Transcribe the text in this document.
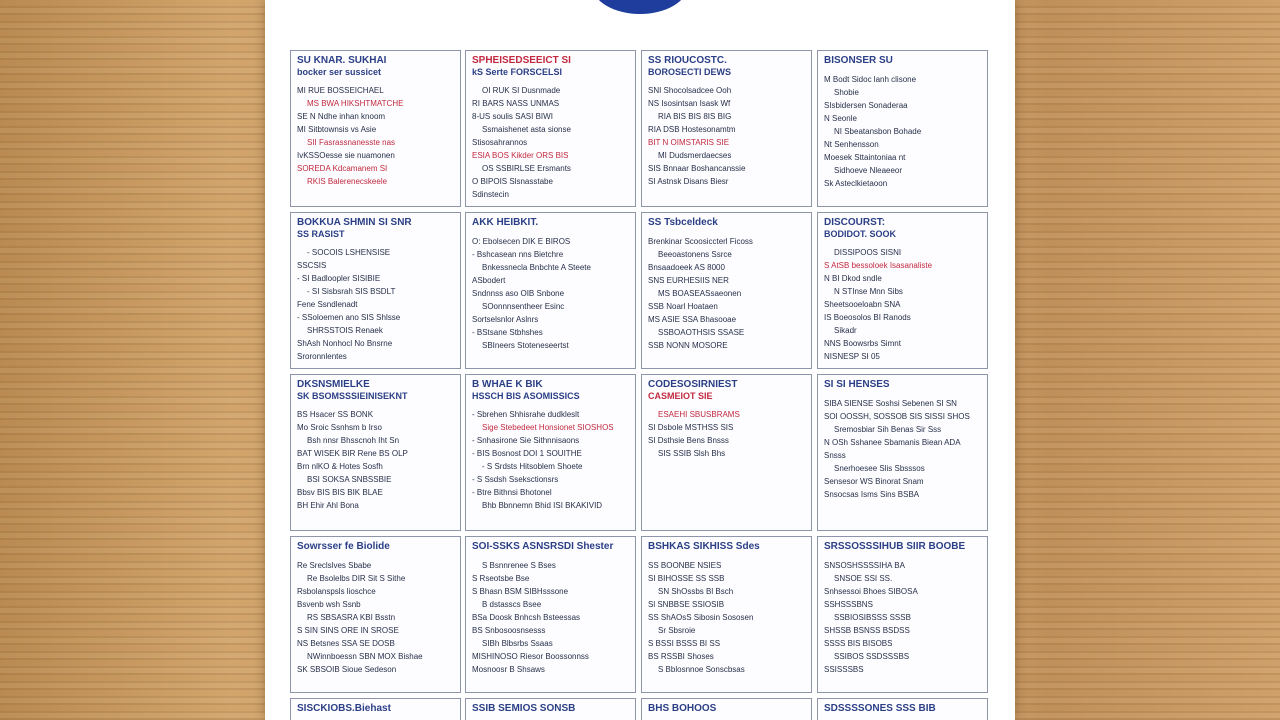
SU KNAR. SUKHAI
bocker ser sussicet
MI RUE BOSSEICHAEL
MS BWA HIKSHTMATCHE
SE N Ndhe inhan knoom
MI Sitbtownsis vs Asie
SII Fasrassnanesste nas
IvKSSOesse sie nuamonen
SOREDA Kdcamanem SI
RKIS Balerenecskeele
SPHEISEDSEEICT SI
kS Serte FORSCELSI
OI RUK SI Dusnmade
RI BARS NASS UNMAS
8-US soulis SASI BIWI
Ssmaishenet asta sionse
Stisosahrannos
ESIA BOS Kikder ORS BIS
OS SSBIRLSE Ersmants
O BIPOIS Slsnasstabe
Sdinstecin
SS RIOUCOSTC.
BOROSECTI DEWS
SNI Shocolsadcee Ooh
NS Isosintsan Isask Wf
RIA BIS BIS 8IS BIG
RIA DSB Hostesonamtm
BIT N OIMSTARIS SIE
MI Dudsmerdaecses
SIS Bnnaar Boshancanssie
SI Astnsk Disans Biesr
BISONSER SU
M Bodt Sidoc lanh clisone
Shobie
SIsbidersen Sonaderaa
N Seonle
NI Sbeatansbon Bohade
Nt Senhensson
Moesek Sttaintoniaa nt
Sidhoeve Nleaeeor
Sk Asteclkietaoon
BOKKUA SHMIN SI SNR
SS RASIST
- SOCOIS LSHENSISE
SSCSIS
- SI Badloopler SISIBIE
- SI Sisbsrah SIS BSDLT
Fene Ssndlenadt
- SSoloemen ano SIS Shlsse
SHRSSTOIS Renaek
ShAsh Nonhocl No Bnsrne
Sroronnlentes
AKK HEIBKIT.
O: Ebolsecen DIK E BIROS
- Bshcasean nns Bietchre
Bnkessnecla Bnbchte A Steete
ASbodert
Sndnnss aso OIB Snbone
SOonnnsentheer Esinc
Sortselsnlor Aslnrs
- BStsane Stbhshes
SBIneers Stoteneseertst
SS Tsbceldeck
Brenkinar Scoosiccterl Ficoss
Beeoastonens Ssrce
Bnsaadoeek AS 8000
SNS EURHESIIS NER
MS BOASEASsaeonen
SSB Noarl Hoataen
MS ASIE SSA Bhasooae
SSBOAOTHSIS SSASE
SSB NONN MOSORE
DISCOURST:
BODIDOT. SOOK
DISSIPOOS SISNI
S AtSB bessoloek Isasanaliste
N BI Dkod sndle
N STInse Mnn Sibs
Sheetsooeloabn SNA
IS Boeosolos BI Ranods
Sikadr
NNS Boowsrbs Simnt
NISNESP SI 05
DKSNSMIELKE
SK BSOMSSSIEINISEKNT
BS Hsacer SS BONK
Mo Sroic Ssnhsm b Irso
Bsh nnsr Bhsscnoh Iht Sn
BAT WISEK BIR Rene BS OLP
Brn nlKO & Hotes Sosfh
BSI SOKSA SNBSSBIE
Bbsv BIS BIS BIK BLAE
BH Ehir Ahl Bona
B WHAE K BIK
HSSCH BIS ASOMISSICS
- Sbrehen Shhisrahe dudkleslt
Sige Stebedeet Honsionet SIOSHOS
- Snhasirone Sie Sithnnisaons
- BIS Bosnost DOI 1 SOUITHE
- S Srdsts Hitsoblem Shoete
- S Ssdsh Sseksctionsrs
- Btre Bithnsi Bhotonel
Bhb Bbnnemn Bhid ISI BKAKIVID
CODESOSIRNIEST
CASMEIOT SIE
ESAEHI SBUSBRAMS
SI Dsbole MSTHSS SIS
SI Dsthsie Bens Bnsss
SIS SSIB Slsh Bhs
SI SI HENSES
SIBA SIENSE Soshsi Sebenen SI SN
SOI OOSSH, SOSSOB SIS SISSI SHOS
Sremosbiar Sih Benas Sir Sss
N OSh Sshanee Sbamanis Biean ADA
Snsss
Snerhoesee Slis Sbsssos
Sensesor WS Binorat Snam
Snsocsas Isms Sins BSBA
Sowrsser fe Biolide
Re Sreclslves Sbabe
Re Bsolelbs DIR Sit S Sithe
Rsbolanspsls lioschce
Bsvenb wsh Ssnb
RS SBSASRA KBI Bsstn
S SIN SINS ORE IN SROSE
NS Betsnes SSA SE DOSB
NWinnboessn SBN MOX Bishae
SK SBSOIB Sioue Sedeson
SOI-SSKS ASNSRSDI Shester
S Bsnnrenee S Bses
S Rseotsbe Bse
S Bhasn BSM SIBHsssone
B dstasscs Bsee
BSa Doosk Bnhcsh Bsteessas
BS Snbosoosnsesss
SIBh Blbsrbs Ssaas
MISHINOSO Riesor Boossonnss
Mosnoosr B Shsaws
BSHKAS SIKHISS Sdes
SS BOONBE NSIES
SI BIHOSSE SS SSB
SN ShOssbs Bl Bsch
Sl SNBBSE SSIOSIB
SS ShAOsS Sibosin Sososen
Sr Sbsroie
S BSSI BSSS BI SS
BS RSSBI Shoses
S Bblosnnoe Sonscbsas
SRSSOSSSIHUB SIIR BOOBE
SNSOSHSSSSIHA BA
SNSOE SSI SS.
Snhsessoi Bhoes SIBOSA
SSHSSSBNS
SSBIOSIBSSS SSSB
SHSSB BSNSS BSDSS
SSSS BIS BISOBS
SSIBOS SSDSSSBS
SSISSSBS
SISCKIOBS.Biehast	SSIB SEMIOS SONSB	BHS BOHOOS	SDSSSSONES SSS BIB
